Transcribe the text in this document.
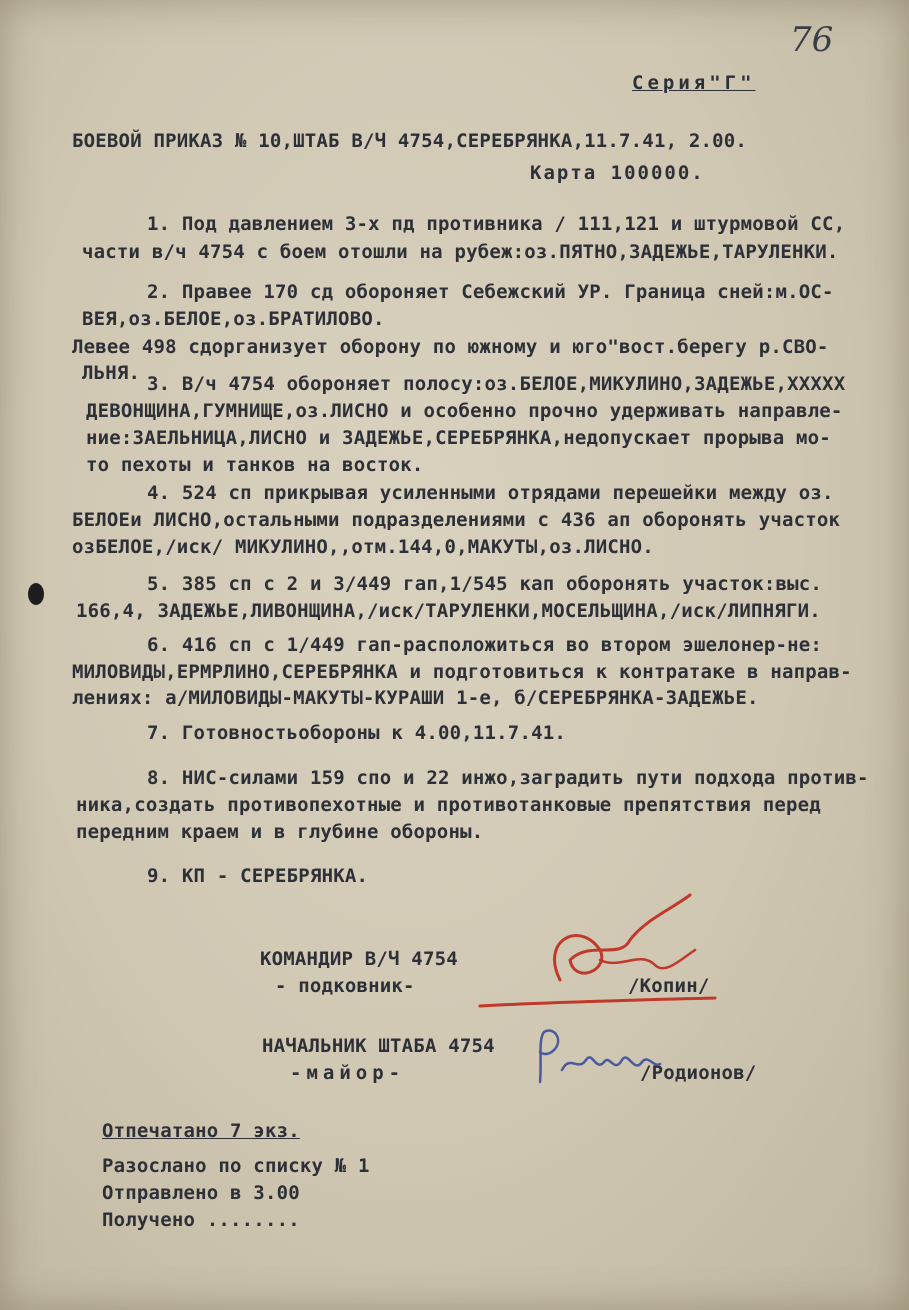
76
Серия"Г"
БОЕВОЙ ПРИКАЗ № 10,ШТАБ В/Ч 4754,СЕРЕБРЯНКА,11.7.41, 2.00.
Карта 100000.
1. Под давлением 3-х пд противника / 111,121 и штурмовой СС,
части в/ч 4754 с боем отошли на рубеж:оз.ПЯТНО,ЗАДЕЖЬЕ,ТАРУЛЕНКИ.
2. Правее 170 сд обороняет Себежский УР. Граница сней:м.ОС-
ВЕЯ,оз.БЕЛОЕ,оз.БРАТИЛОВО.
Левее 498 сдорганизует оборону по южному и юго"вост.берегу р.СВО-
ЛЬНЯ. 3. В/ч 4754 обороняет полосу:оз.БЕЛОЕ,МИКУЛИНО,ЗАДЕЖЬЕ,ХХХХХ
ДЕВОНЩИНА,ГУМНИЩЕ,оз.ЛИСНО и особенно прочно удерживать направле-
ние:ЗАЕЛЬНИЦА,ЛИСНО и ЗАДЕЖЬЕ,СЕРЕБРЯНКА,недопускает прорыва мо-
то пехоты и танков на восток.
4. 524 сп прикрывая усиленными отрядами перешейки между оз.
БЕЛОЕи ЛИСНО,остальными подразделениями с 436 ап оборонять участок
озБЕЛОЕ,/иск/ МИКУЛИНО,,отм.144,0,МАКУТЫ,оз.ЛИСНО.
5. 385 сп с 2 и 3/449 гап,1/545 кап оборонять участок:выс.
166,4, ЗАДЕЖЬЕ,ЛИВОНЩИНА,/иск/ТАРУЛЕНКИ,МОСЕЛЬЩИНА,/иск/ЛИПНЯГИ.
6. 416 сп с 1/449 гап-расположиться во втором эшелонер-не:
МИЛОВИДЫ,ЕРМРЛИНО,СЕРЕБРЯНКА и подготовиться к контратаке в направ-
лениях: а/МИЛОВИДЫ-МАКУТЫ-КУРАШИ 1-е, б/СЕРЕБРЯНКА-ЗАДЕЖЬЕ.
7. Готовностьобороны к 4.00,11.7.41.
8. НИС-силами 159 спо и 22 инжо,заградить пути подхода против-
ника,создать противопехотные и противотанковые препятствия перед
передним краем и в глубине обороны.
9. КП - СЕРЕБРЯНКА.
КОМАНДИР В/Ч 4754
- подковник-	/Копин/
НАЧАЛЬНИК ШТАБА 4754
-майор-	/Родионов/
Отпечатано 7 экз.
Разослано по списку № 1
Отправлено в 3.00
Получено ........
